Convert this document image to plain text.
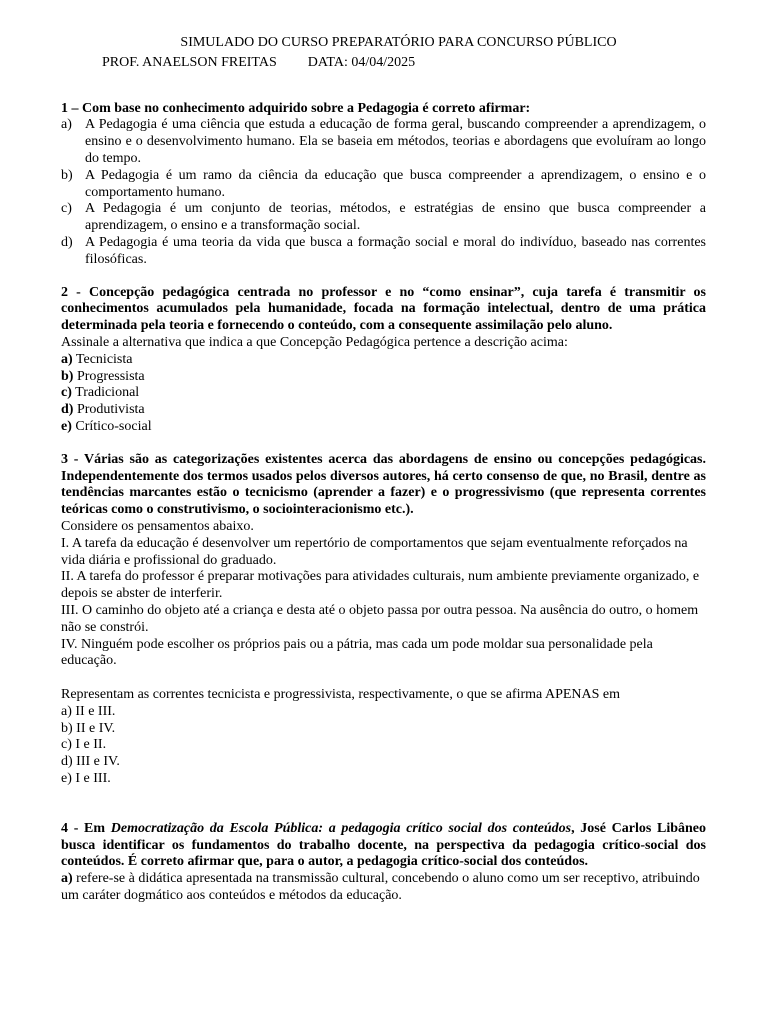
SIMULADO DO CURSO PREPARATÓRIO PARA CONCURSO PÚBLICO
PROF. ANAELSON FREITAS DATA: 04/04/2025

1 – Com base no conhecimento adquirido sobre a Pedagogia é correto afirmar:

a) A Pedagogia é uma ciência que estuda a educação de forma geral, buscando compreender a aprendizagem, o ensino e o desenvolvimento humano. Ela se baseia em métodos, teorias e abordagens que evoluíram ao longo do tempo.
b) A Pedagogia é um ramo da ciência da educação que busca compreender a aprendizagem, o ensino e o comportamento humano.
c) A Pedagogia é um conjunto de teorias, métodos, e estratégias de ensino que busca compreender a aprendizagem, o ensino e a transformação social.
d) A Pedagogia é uma teoria da vida que busca a formação social e moral do indivíduo, baseado nas correntes filosóficas.

2 - Concepção pedagógica centrada no professor e no “como ensinar”, cuja tarefa é transmitir os conhecimentos acumulados pela humanidade, focada na formação intelectual, dentro de uma prática determinada pela teoria e fornecendo o conteúdo, com a consequente assimilação pelo aluno.

Assinale a alternativa que indica a que Concepção Pedagógica pertence a descrição acima:

a) Tecnicista
b) Progressista
c) Tradicional
d) Produtivista
e) Crítico-social

3 - Várias são as categorizações existentes acerca das abordagens de ensino ou concepções pedagógicas. Independentemente dos termos usados pelos diversos autores, há certo consenso de que, no Brasil, dentre as tendências marcantes estão o tecnicismo (aprender a fazer) e o progressivismo (que representa correntes teóricas como o construtivismo, o sociointeracionismo etc.).

Considere os pensamentos abaixo.

I. A tarefa da educação é desenvolver um repertório de comportamentos que sejam eventualmente reforçados na vida diária e profissional do graduado.

II. A tarefa do professor é preparar motivações para atividades culturais, num ambiente previamente organizado, e depois se abster de interferir.

III. O caminho do objeto até a criança e desta até o objeto passa por outra pessoa. Na ausência do outro, o homem não se constrói.

IV. Ninguém pode escolher os próprios pais ou a pátria, mas cada um pode moldar sua personalidade pela educação.

Representam as correntes tecnicista e progressivista, respectivamente, o que se afirma APENAS em

a) II e III.
b) II e IV.
c) I e II.
d) III e IV.
e) I e III.

4 - Em Democratização da Escola Pública: a pedagogia crítico social dos conteúdos, José Carlos Libâneo busca identificar os fundamentos do trabalho docente, na perspectiva da pedagogia crítico-social dos conteúdos. É correto afirmar que, para o autor, a pedagogia crítico-social dos conteúdos.

a) refere-se à didática apresentada na transmissão cultural, concebendo o aluno como um ser receptivo, atribuindo um caráter dogmático aos conteúdos e métodos da educação.
